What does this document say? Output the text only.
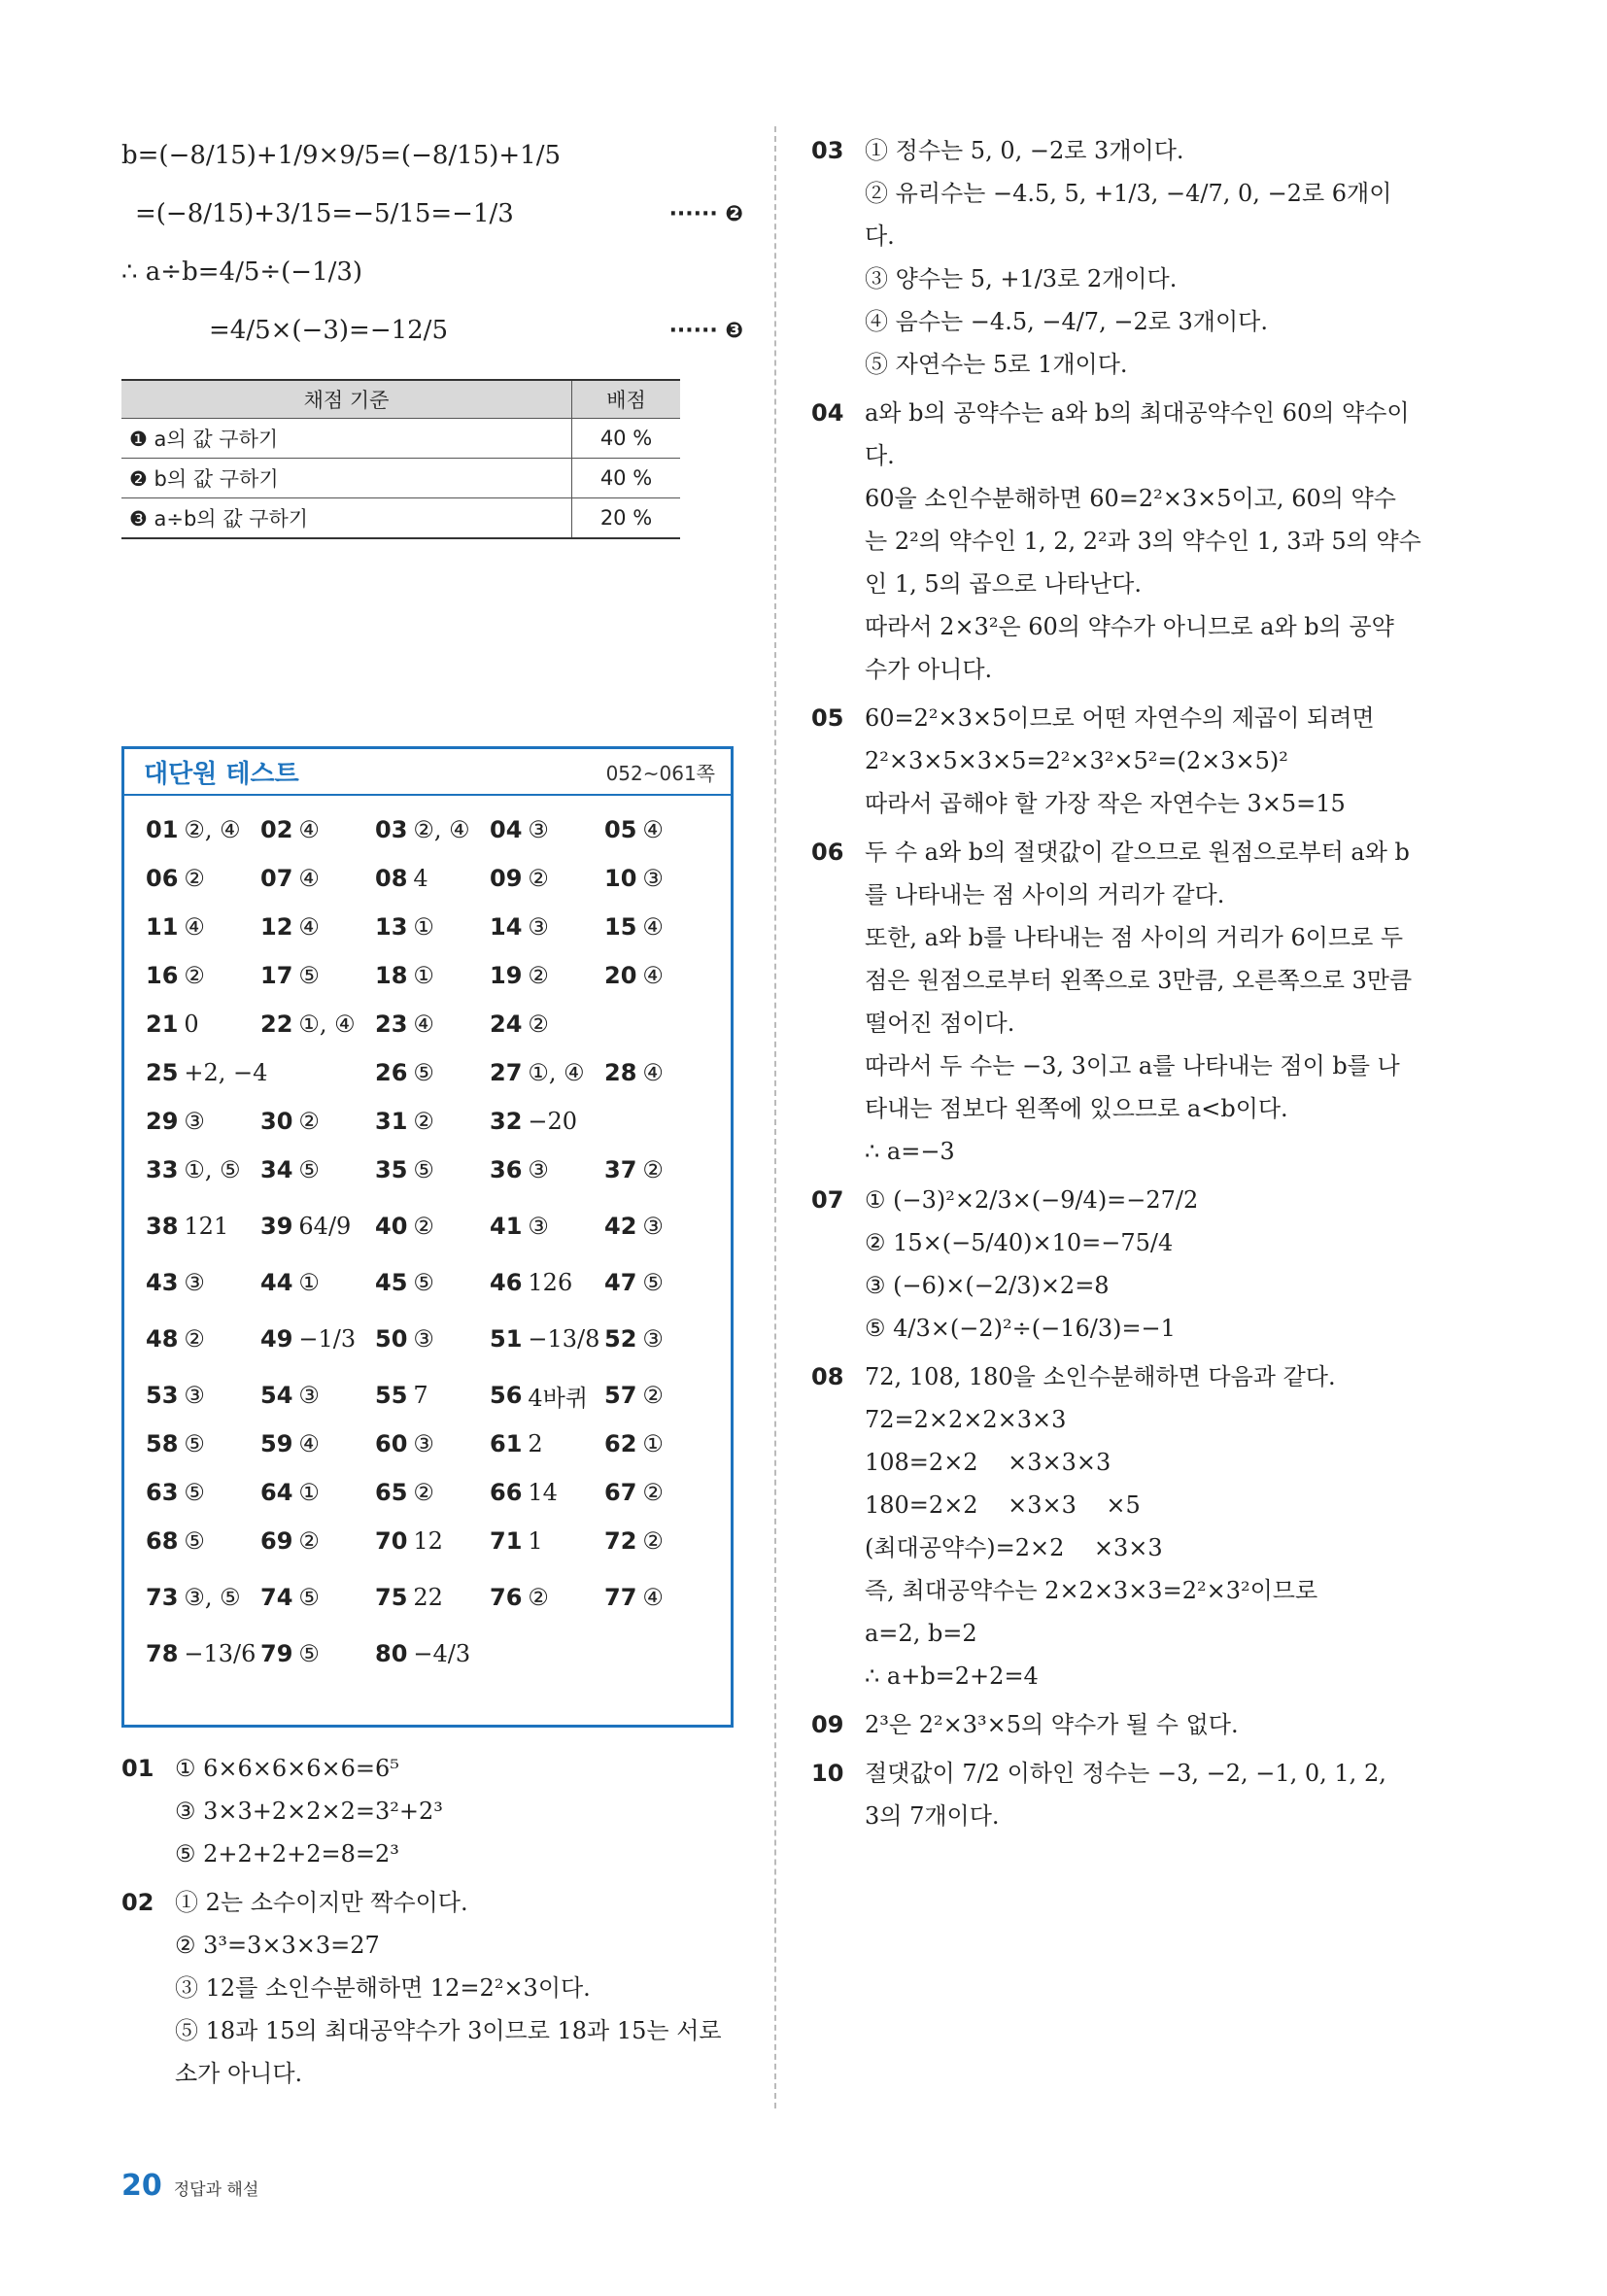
b=(−8/15)+1/9×9/5=(−8/15)+1/5
=(−8/15)+3/15=−5/15=−1/3	······ ❷
∴ a÷b=4/5÷(−1/3)
=4/5×(−3)=−12/5	······ ❸
채점 기준	배점
❶ a의 값 구하기	40 %
❷ b의 값 구하기	40 %
❸ a÷b의 값 구하기	20 %
대단원 테스트	052~061쪽
01 ②, ④ 02 ④ 03 ②, ④ 04 ③ 05 ④
06 ② 07 ④ 08 4	09 ② 10 ③
11 ④ 12 ④ 13 ① 14 ③ 15 ④
16 ② 17 ⑤ 18 ① 19 ② 20 ④
21 0	22 ①, ④ 23 ④ 24 ②
25 +2, −4	26 ⑤ 27 ①, ④ 28 ④
29 ③ 30 ② 31 ② 32 −20
33 ①, ⑤ 34 ⑤ 35 ⑤ 36 ③ 37 ②
38 121 39 64/9 40 ② 41 ③ 42 ③
43 ③ 44 ① 45 ⑤ 46 126 47 ⑤
48 ② 49 −1/3 50 ③ 51 −13/8 52 ③
53 ③ 54 ③ 55 7	56 4바퀴 57 ②
58 ⑤ 59 ④ 60 ③ 61 2	62 ①
63 ⑤ 64 ① 65 ② 66 14 67 ②
68 ⑤ 69 ② 70 12 71 1	72 ②
73 ③, ⑤ 74 ⑤ 75 22 76 ② 77 ④
78 −13/6 79 ⑤ 80 −4/3
01 ① 6×6×6×6×6=6⁵
③ 3×3+2×2×2=3²+2³
⑤ 2+2+2+2=8=2³
02 ① 2는 소수이지만 짝수이다.
② 3³=3×3×3=27
③ 12를 소인수분해하면 12=2²×3이다.
⑤ 18과 15의 최대공약수가 3이므로 18과 15는 서로
소가 아니다.
03 ① 정수는 5, 0, −2로 3개이다.
② 유리수는 −4.5, 5, +1/3, −4/7, 0, −2로 6개이
다.
③ 양수는 5, +1/3로 2개이다.
④ 음수는 −4.5, −4/7, −2로 3개이다.
⑤ 자연수는 5로 1개이다.
04 a와 b의 공약수는 a와 b의 최대공약수인 60의 약수이
다.
60을 소인수분해하면 60=2²×3×5이고, 60의 약수
는 2²의 약수인 1, 2, 2²과 3의 약수인 1, 3과 5의 약수
인 1, 5의 곱으로 나타난다.
따라서 2×3²은 60의 약수가 아니므로 a와 b의 공약
수가 아니다.
05 60=2²×3×5이므로 어떤 자연수의 제곱이 되려면
2²×3×5×3×5=2²×3²×5²=(2×3×5)²
따라서 곱해야 할 가장 작은 자연수는 3×5=15
06 두 수 a와 b의 절댓값이 같으므로 원점으로부터 a와 b
를 나타내는 점 사이의 거리가 같다.
또한, a와 b를 나타내는 점 사이의 거리가 6이므로 두
점은 원점으로부터 왼쪽으로 3만큼, 오른쪽으로 3만큼
떨어진 점이다.
따라서 두 수는 −3, 3이고 a를 나타내는 점이 b를 나
타내는 점보다 왼쪽에 있으므로 a<b이다.
∴ a=−3
07 ① (−3)²×2/3×(−9/4)=−27/2
② 15×(−5/40)×10=−75/4
③ (−6)×(−2/3)×2=8
⑤ 4/3×(−2)²÷(−16/3)=−1
08 72, 108, 180을 소인수분해하면 다음과 같다.
72=2×2×2×3×3
108=2×2    ×3×3×3
180=2×2    ×3×3    ×5
(최대공약수)=2×2    ×3×3
즉, 최대공약수는 2×2×3×3=2²×3²이므로
a=2, b=2
∴ a+b=2+2=4
09 2³은 2²×3³×5의 약수가 될 수 없다.
10 절댓값이 7/2 이하인 정수는 −3, −2, −1, 0, 1, 2,
3의 7개이다.
20 정답과 해설
